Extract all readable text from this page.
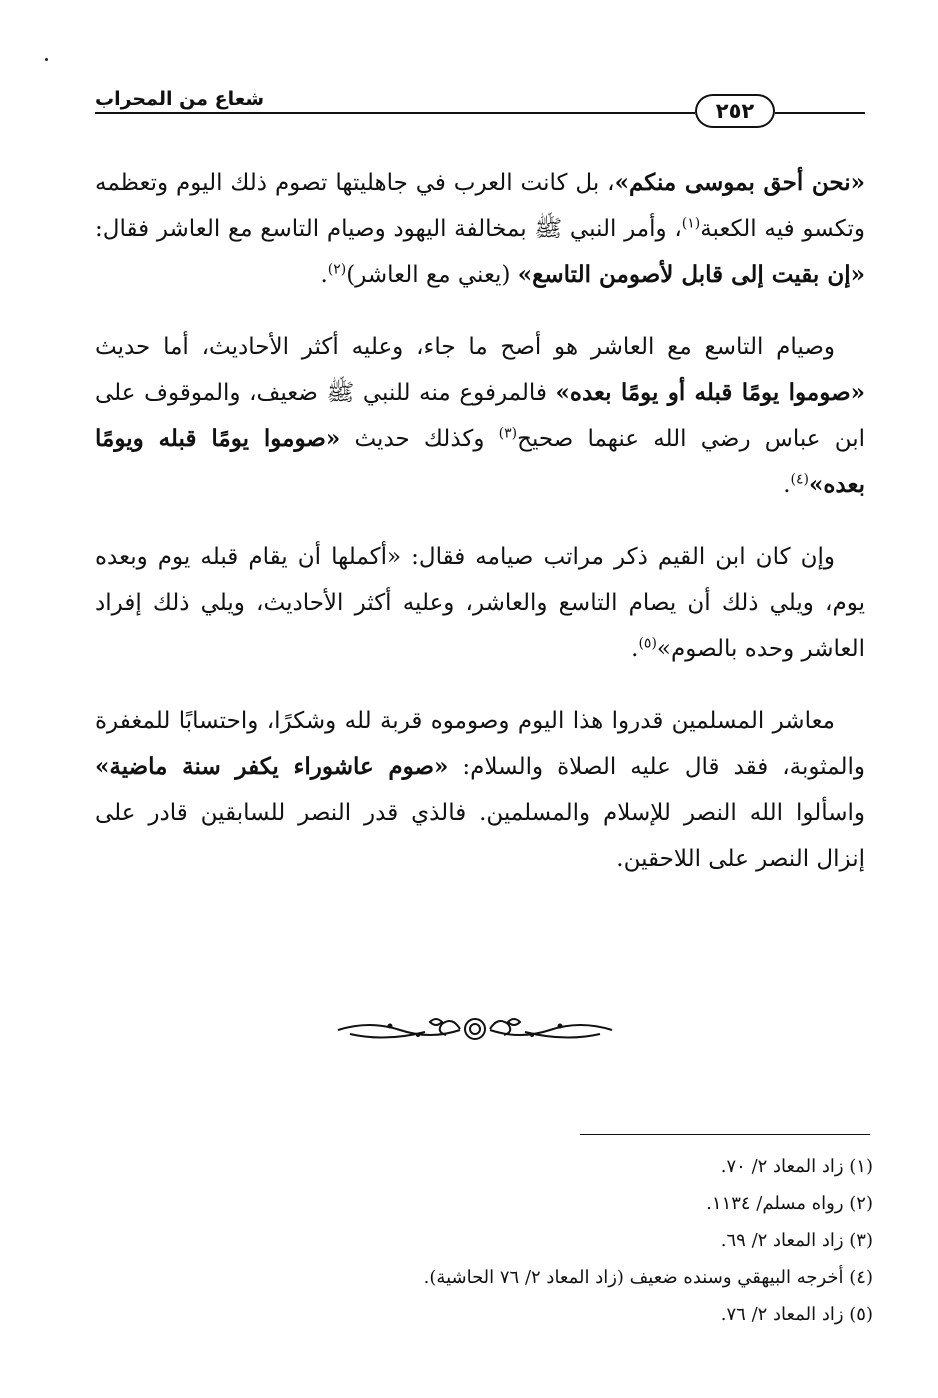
شعاع من المحراب	٢٥٢

«نحن أحق بموسى منكم»، بل كانت العرب في جاهليتها تصوم ذلك اليوم وتعظمه وتكسو فيه الكعبة$^{(١)}$، وأمر النبي ﷺ بمخالفة اليهود وصيام التاسع مع العاشر فقال: «إن بقيت إلى قابل لأصومن التاسع» (يعني مع العاشر)$^{(٢)}$.

وصيام التاسع مع العاشر هو أصح ما جاء، وعليه أكثر الأحاديث، أما حديث «صوموا يومًا قبله أو يومًا بعده» فالمرفوع منه للنبي ﷺ ضعيف، والموقوف على ابن عباس رضي الله عنهما صحيح$^{(٣)}$ وكذلك حديث «صوموا يومًا قبله ويومًا بعده»$^{(٤)}$.

وإن كان ابن القيم ذكر مراتب صيامه فقال: «أكملها أن يقام قبله يوم وبعده يوم، ويلي ذلك أن يصام التاسع والعاشر، وعليه أكثر الأحاديث، ويلي ذلك إفراد العاشر وحده بالصوم»$^{(٥)}$.

معاشر المسلمين قدروا هذا اليوم وصوموه قربة لله وشكرًا، واحتسابًا للمغفرة والمثوبة، فقد قال عليه الصلاة والسلام: «صوم عاشوراء يكفر سنة ماضية» واسألوا الله النصر للإسلام والمسلمين. فالذي قدر النصر للسابقين قادر على إنزال النصر على اللاحقين.

(١) زاد المعاد ٢/ ٧٠.

(٢) رواه مسلم/ ١١٣٤.

(٣) زاد المعاد ٢/ ٦٩.

(٤) أخرجه البيهقي وسنده ضعيف (زاد المعاد ٢/ ٧٦ الحاشية).

(٥) زاد المعاد ٢/ ٧٦.
